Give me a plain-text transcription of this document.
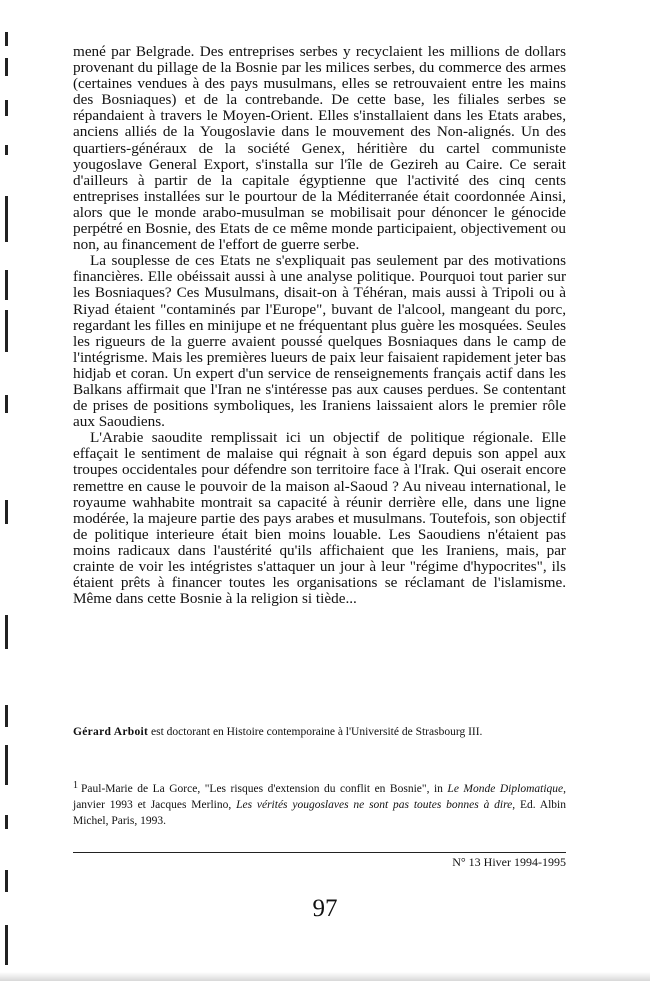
mené par Belgrade. Des entreprises serbes y recyclaient les millions de dollars provenant du pillage de la Bosnie par les milices serbes, du commerce des armes (certaines vendues à des pays musulmans, elles se retrouvaient entre les mains des Bosniaques) et de la contrebande. De cette base, les filiales serbes se répandaient à travers le Moyen-Orient. Elles s'installaient dans les Etats arabes, anciens alliés de la Yougoslavie dans le mouvement des Non-alignés. Un des quartiers-généraux de la société Genex, héritière du cartel communiste yougoslave General Export, s'installa sur l'île de Gezireh au Caire. Ce serait d'ailleurs à partir de la capitale égyptienne que l'activité des cinq cents entreprises installées sur le pourtour de la Méditerranée était coordonnée Ainsi, alors que le monde arabo-musulman se mobilisait pour dénoncer le génocide perpétré en Bosnie, des Etats de ce même monde participaient, objectivement ou non, au financement de l'effort de guerre serbe.

La souplesse de ces Etats ne s'expliquait pas seulement par des motivations financières. Elle obéissait aussi à une analyse politique. Pourquoi tout parier sur les Bosniaques? Ces Musulmans, disait-on à Téhéran, mais aussi à Tripoli ou à Riyad étaient "contaminés par l'Europe", buvant de l'alcool, mangeant du porc, regardant les filles en minijupe et ne fréquentant plus guère les mosquées. Seules les rigueurs de la guerre avaient poussé quelques Bosniaques dans le camp de l'intégrisme. Mais les premières lueurs de paix leur faisaient rapidement jeter bas hidjab et coran. Un expert d'un service de renseignements français actif dans les Balkans affirmait que l'Iran ne s'intéresse pas aux causes perdues. Se contentant de prises de positions symboliques, les Iraniens laissaient alors le premier rôle aux Saoudiens.

L'Arabie saoudite remplissait ici un objectif de politique régionale. Elle effaçait le sentiment de malaise qui régnait à son égard depuis son appel aux troupes occidentales pour défendre son territoire face à l'Irak. Qui oserait encore remettre en cause le pouvoir de la maison al-Saoud ? Au niveau international, le royaume wahhabite montrait sa capacité à réunir derrière elle, dans une ligne modérée, la majeure partie des pays arabes et musulmans. Toutefois, son objectif de politique interieure était bien moins louable. Les Saoudiens n'étaient pas moins radicaux dans l'austérité qu'ils affichaient que les Iraniens, mais, par crainte de voir les intégristes s'attaquer un jour à leur "régime d'hypocrites", ils étaient prêts à financer toutes les organisations se réclamant de l'islamisme. Même dans cette Bosnie à la religion si tiède...

Gérard Arboit est doctorant en Histoire contemporaine à l'Université de Strasbourg III.

$^1$ Paul-Marie de La Gorce, "Les risques d'extension du conflit en Bosnie", in Le Monde Diplomatique, janvier 1993 et Jacques Merlino, Les vérités yougoslaves ne sont pas toutes bonnes à dire, Ed. Albin Michel, Paris, 1993.

N° 13 Hiver 1994-1995
97
